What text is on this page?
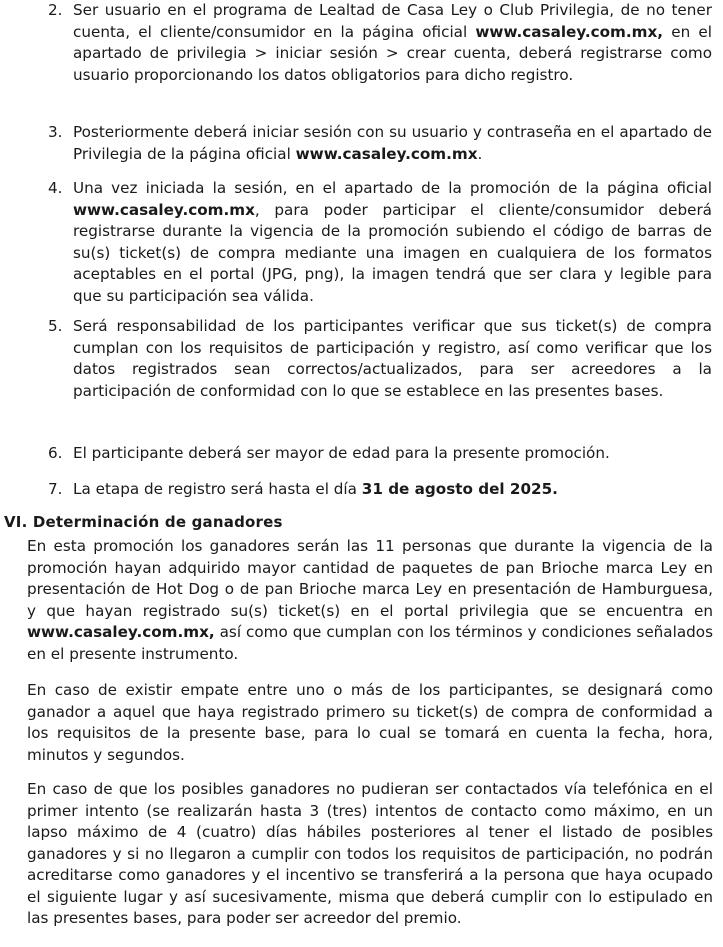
2. Ser usuario en el programa de Lealtad de Casa Ley o Club Privilegia, de no tener cuenta, el cliente/consumidor en la página oficial www.casaley.com.mx, en el apartado de privilegia > iniciar sesión > crear cuenta, deberá registrarse como usuario proporcionando los datos obligatorios para dicho registro.
3. Posteriormente deberá iniciar sesión con su usuario y contraseña en el apartado de Privilegia de la página oficial www.casaley.com.mx.
4. Una vez iniciada la sesión, en el apartado de la promoción de la página oficial www.casaley.com.mx, para poder participar el cliente/consumidor deberá registrarse durante la vigencia de la promoción subiendo el código de barras de su(s) ticket(s) de compra mediante una imagen en cualquiera de los formatos aceptables en el portal (JPG, png), la imagen tendrá que ser clara y legible para que su participación sea válida.
5. Será responsabilidad de los participantes verificar que sus ticket(s) de compra cumplan con los requisitos de participación y registro, así como verificar que los datos registrados sean correctos/actualizados, para ser acreedores a la participación de conformidad con lo que se establece en las presentes bases.
6. El participante deberá ser mayor de edad para la presente promoción.
7. La etapa de registro será hasta el día 31 de agosto del 2025.
VI. Determinación de ganadores
En esta promoción los ganadores serán las 11 personas que durante la vigencia de la promoción hayan adquirido mayor cantidad de paquetes de pan Brioche marca Ley en presentación de Hot Dog o de pan Brioche marca Ley en presentación de Hamburguesa, y que hayan registrado su(s) ticket(s) en el portal privilegia que se encuentra en www.casaley.com.mx, así como que cumplan con los términos y condiciones señalados en el presente instrumento.
En caso de existir empate entre uno o más de los participantes, se designará como ganador a aquel que haya registrado primero su ticket(s) de compra de conformidad a los requisitos de la presente base, para lo cual se tomará en cuenta la fecha, hora, minutos y segundos.
En caso de que los posibles ganadores no pudieran ser contactados vía telefónica en el primer intento (se realizarán hasta 3 (tres) intentos de contacto como máximo, en un lapso máximo de 4 (cuatro) días hábiles posteriores al tener el listado de posibles ganadores y si no llegaron a cumplir con todos los requisitos de participación, no podrán acreditarse como ganadores y el incentivo se transferirá a la persona que haya ocupado el siguiente lugar y así sucesivamente, misma que deberá cumplir con lo estipulado en las presentes bases, para poder ser acreedor del premio.
